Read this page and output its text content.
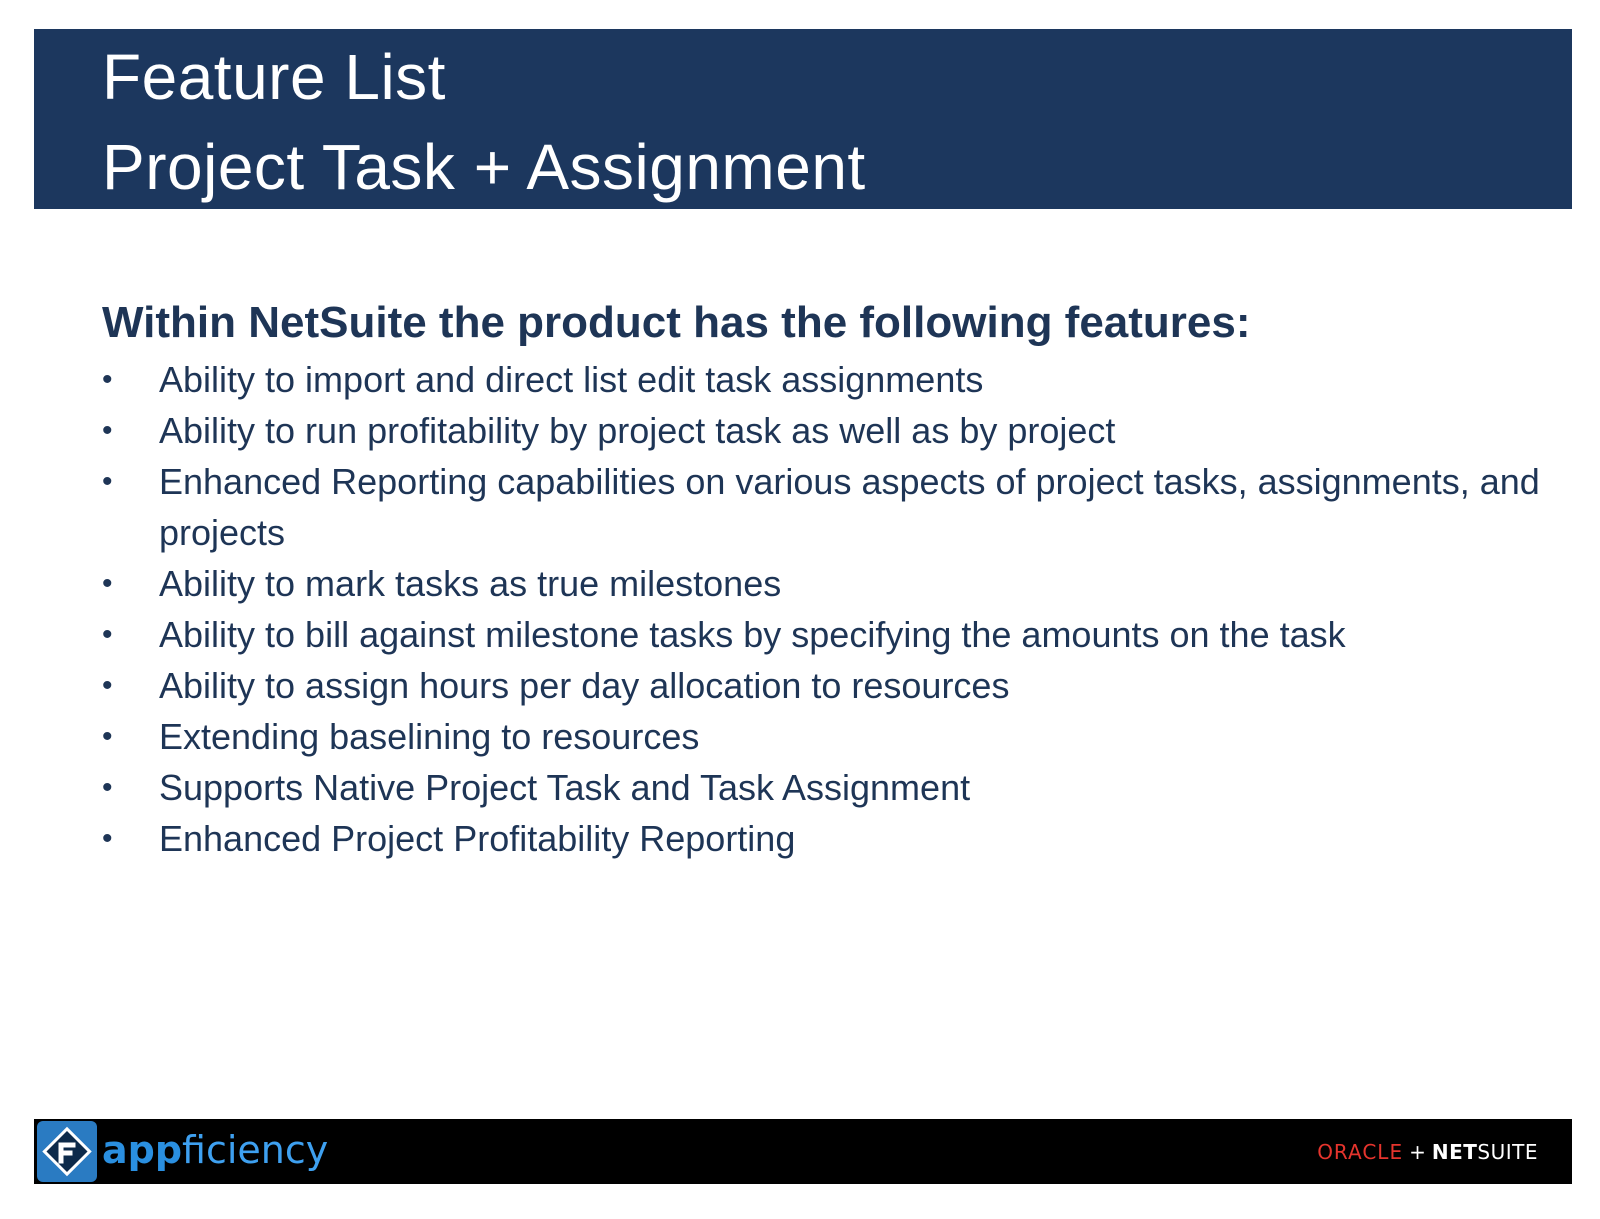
Feature List
Project Task + Assignment
Within NetSuite the product has the following features:
• Ability to import and direct list edit task assignments
• Ability to run profitability by project task as well as by project
• Enhanced Reporting capabilities on various aspects of project tasks, assignments, and projects
• Ability to mark tasks as true milestones
• Ability to bill against milestone tasks by specifying the amounts on the task
• Ability to assign hours per day allocation to resources
• Extending baselining to resources
• Supports Native Project Task and Task Assignment
• Enhanced Project Profitability Reporting
appficiency	ORACLE + NETSUITE
